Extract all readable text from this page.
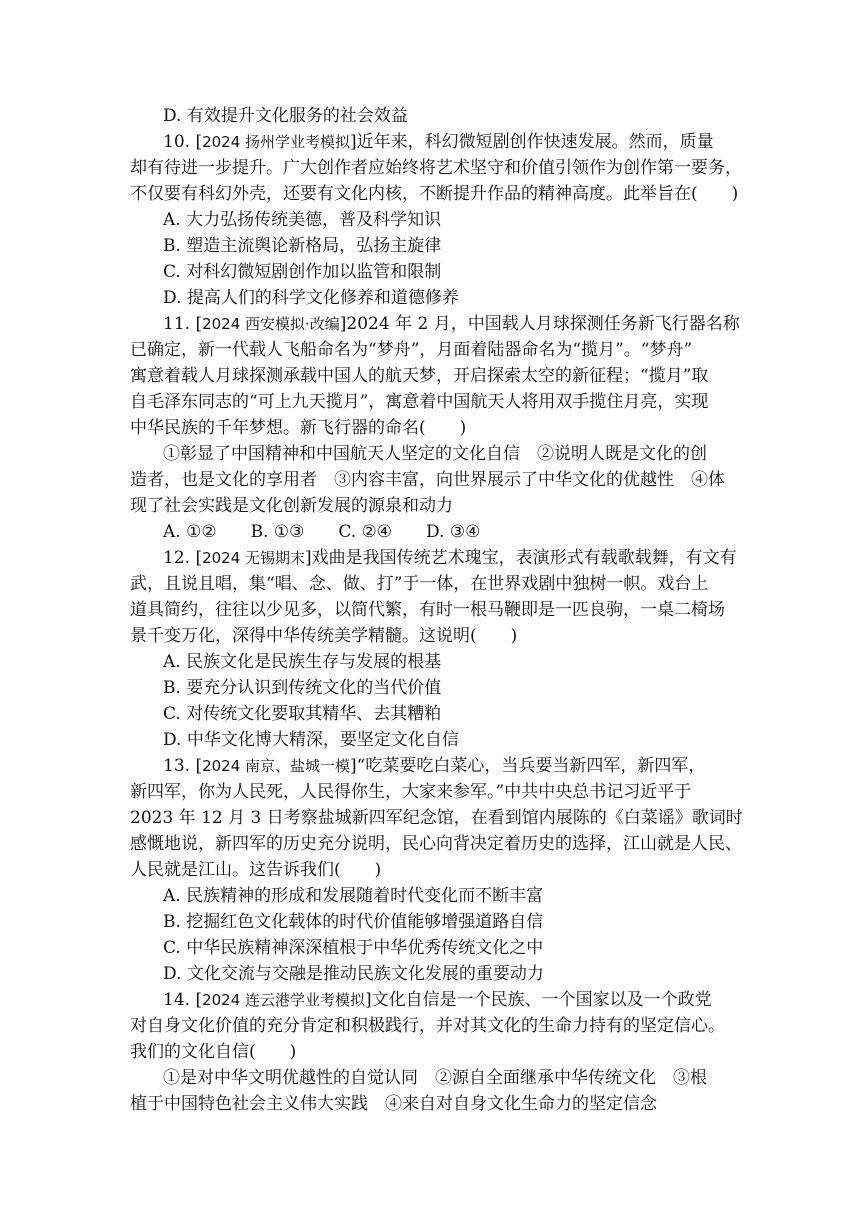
D. 有效提升文化服务的社会效益
10. [2024 扬州学业考模拟]近年来，科幻微短剧创作快速发展。然而，质量
却有待进一步提升。广大创作者应始终将艺术坚守和价值引领作为创作第一要务，
不仅要有科幻外壳，还要有文化内核，不断提升作品的精神高度。此举旨在(　　)
A. 大力弘扬传统美德，普及科学知识
B. 塑造主流舆论新格局，弘扬主旋律
C. 对科幻微短剧创作加以监管和限制
D. 提高人们的科学文化修养和道德修养
11. [2024 西安模拟·改编]2024 年 2 月，中国载人月球探测任务新飞行器名称
已确定，新一代载人飞船命名为“梦舟”，月面着陆器命名为“揽月”。“梦舟”
寓意着载人月球探测承载中国人的航天梦，开启探索太空的新征程；“揽月”取
自毛泽东同志的“可上九天揽月”，寓意着中国航天人将用双手揽住月亮，实现
中华民族的千年梦想。新飞行器的命名(　　)
①彰显了中国精神和中国航天人坚定的文化自信　②说明人既是文化的创
造者，也是文化的享用者　③内容丰富，向世界展示了中华文化的优越性　④体
现了社会实践是文化创新发展的源泉和动力
A. ①②　　B. ①③　　C. ②④　　D. ③④
12. [2024 无锡期末]戏曲是我国传统艺术瑰宝，表演形式有载歌载舞，有文有
武，且说且唱，集“唱、念、做、打”于一体，在世界戏剧中独树一帜。戏台上
道具简约，往往以少见多，以简代繁，有时一根马鞭即是一匹良驹，一桌二椅场
景千变万化，深得中华传统美学精髓。这说明(　　)
A. 民族文化是民族生存与发展的根基
B. 要充分认识到传统文化的当代价值
C. 对传统文化要取其精华、去其糟粕
D. 中华文化博大精深，要坚定文化自信
13. [2024 南京、盐城一模]“吃菜要吃白菜心，当兵要当新四军，新四军，
新四军，你为人民死，人民得你生，大家来参军。”中共中央总书记习近平于
2023 年 12 月 3 日考察盐城新四军纪念馆，在看到馆内展陈的《白菜谣》歌词时
感慨地说，新四军的历史充分说明，民心向背决定着历史的选择，江山就是人民、
人民就是江山。这告诉我们(　　)
A. 民族精神的形成和发展随着时代变化而不断丰富
B. 挖掘红色文化载体的时代价值能够增强道路自信
C. 中华民族精神深深植根于中华优秀传统文化之中
D. 文化交流与交融是推动民族文化发展的重要动力
14. [2024 连云港学业考模拟]文化自信是一个民族、一个国家以及一个政党
对自身文化价值的充分肯定和积极践行，并对其文化的生命力持有的坚定信心。
我们的文化自信(　　)
①是对中华文明优越性的自觉认同　②源自全面继承中华传统文化　③根
植于中国特色社会主义伟大实践　④来自对自身文化生命力的坚定信念
